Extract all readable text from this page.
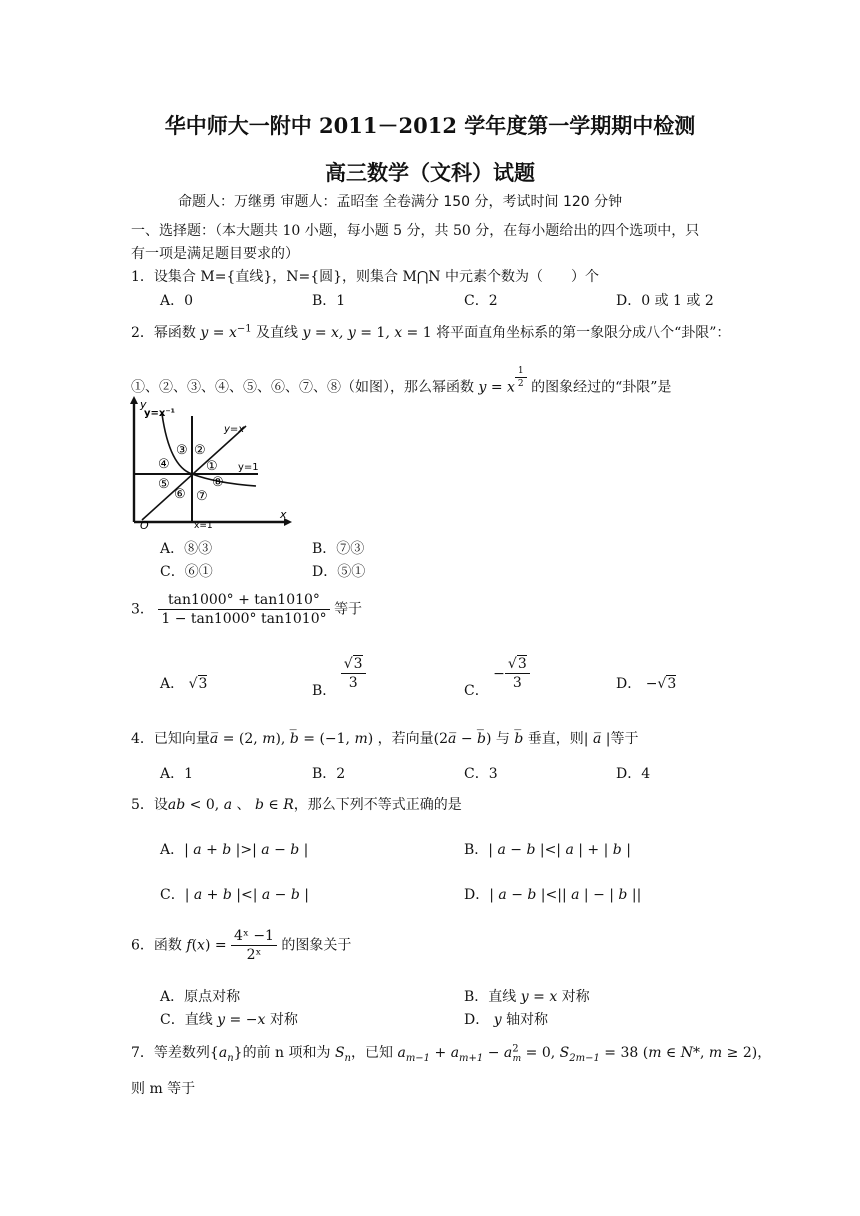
华中师大一附中 2011－2012 学年度第一学期期中检测
高三数学（文科）试题
命题人：万继勇 审题人：孟昭奎 全卷满分 150 分，考试时间 120 分钟
一、选择题：（本大题共 10 小题，每小题 5 分，共 50 分，在每小题给出的四个选项中，只
有一项是满足题目要求的）
1．设集合 M={直线}，N={圆}，则集合 M⋂N 中元素个数为（　　）个
A．0	B．1	C．2	D．0 或 1 或 2
2．幂函数 $y = x^{-1}$ 及直线 y = x, y = 1, x = 1 将平面直角坐标系的第一象限分成八个“卦限”：
①、②、③、④、⑤、⑥、⑦、⑧（如图），那么幂函数 y = x $^{\frac{1}{2}}$ 的图象经过的“卦限”是
y=x⁻¹
y=x
y=1
x=1
O
x
y
①
②
③
④
⑤
⑥ ⑦
⑧
A．⑧③	B．⑦③
C．⑥①	D．⑤①
3． $\frac{\tan 1000^\circ + \tan 1010^\circ}{1 - \tan 1000^\circ \tan 1010^\circ}$ 等于
A． √3	B． $\frac{√3}{3}$	C． − $\frac{√3}{3}$	D． −√3
4．已知向量a̅ = (2, m), b̅ = (−1, m) ，若向量(2a̅ − b̅) 与 b̅ 垂直，则| a̅ |等于
A．1	B．2	C．3	D．4
5．设ab < 0, a 、 b ∈ R，那么下列不等式正确的是
A．| a + b |>| a − b |	B．| a − b |<| a | + | b |
C．| a + b |<| a − b |	D．| a − b |<|| a | − | b ||
6．函数 $f(x) = \frac{\text{4ˣ −1}}{\text{2ˣ}}$ 的图象关于
A．原点对称	B．直线 y = x 对称
C．直线 y = −x 对称	D． y 轴对称
7．等差数列$\{a_n\}$的前 n 项和为 $S_n$，已知 $a_{m-1} + a_{m+1} - a^2_m = 0$, $S_{2m-1} = 38$ (m ∈ N*, m ≥ 2)，
则 m 等于
